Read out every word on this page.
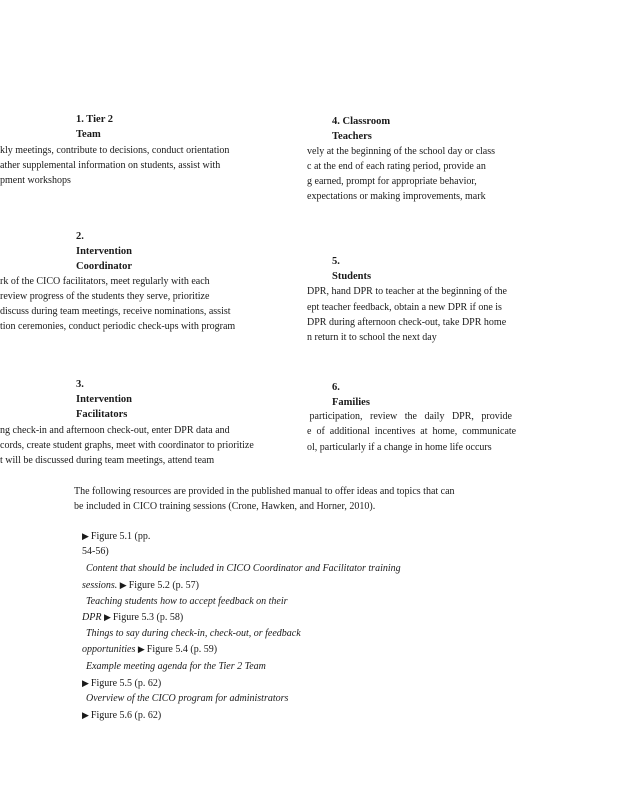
1. Tier 2
Team
kly meetings, contribute to decisions, conduct orientation
ather supplemental information on students, assist with
pment workshops
2.
Intervention
Coordinator
rk of the CICO facilitators, meet regularly with each
review progress of the students they serve, prioritize
discuss during team meetings, receive nominations, assist
tion ceremonies, conduct periodic check-ups with program
3.
Intervention
Facilitators
ng check-in and afternoon check-out, enter DPR data and
cords, create student graphs, meet with coordinator to prioritize
t will be discussed during team meetings, attend team
4. Classroom
Teachers
vely at the beginning of the school day or class
c at the end of each rating period, provide an
g earned, prompt for appropriate behavior,
expectations or making improvements, mark
5.
Students
DPR, hand DPR to teacher at the beginning of the
ept teacher feedback, obtain a new DPR if one is
DPR during afternoon check-out, take DPR home
n return it to school the next day
6.
Families
participation,   review   the   daily   DPR,   provide
e  of  additional  incentives  at  home,  communicate
ol, particularly if a change in home life occurs
The following resources are provided in the published manual to offer ideas and topics that can
be included in CICO training sessions (Crone, Hawken, and Horner, 2010).
▶ Figure 5.1 (pp.
54-56)
Content that should be included in CICO Coordinator and Facilitator training
sessions. ▶ Figure 5.2 (p. 57)
Teaching students how to accept feedback on their
DPR ▶ Figure 5.3 (p. 58)
Things to say during check-in, check-out, or feedback
opportunities ▶ Figure 5.4 (p. 59)
Example meeting agenda for the Tier 2 Team
▶ Figure 5.5 (p. 62)
Overview of the CICO program for administrators
▶ Figure 5.6 (p. 62)
